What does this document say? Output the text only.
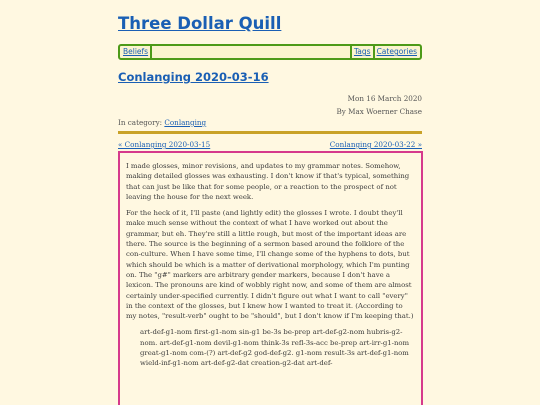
Three Dollar Quill
Beliefs	Tags Categories
Conlanging 2020-03-16
Mon 16 March 2020
By Max Woerner Chase
In category: Conlanging
« Conlanging 2020-03-15	Conlanging 2020-03-22 »

I made glosses, minor revisions, and updates to my grammar notes. Somehow, making detailed glosses was exhausting. I don't know if that's typical, something that can just be like that for some people, or a reaction to the prospect of not leaving the house for the next week.

For the heck of it, I'll paste (and lightly edit) the glosses I wrote. I doubt they'll make much sense without the context of what I have worked out about the grammar, but eh. They're still a little rough, but most of the important ideas are there. The source is the beginning of a sermon based around the folklore of the con-culture. When I have some time, I'll change some of the hyphens to dots, but which should be which is a matter of derivational morphology, which I'm punting on. The "g#" markers are arbitrary gender markers, because I don't have a lexicon. The pronouns are kind of wobbly right now, and some of them are almost certainly under-specified currently. I didn't figure out what I want to call "every" in the context of the glosses, but I knew how I wanted to treat it. (According to my notes, "result-verb" ought to be "should", but I don't know if I'm keeping that.)

art-def-g1-nom first-g1-nom sin-g1 be-3s be-prep art-def-g2-nom hubris-g2-nom. art-def-g1-nom devil-g1-nom think-3s refl-3s-acc be-prep art-irr-g1-nom great-g1-nom com-(?) art-def-g2 god-def-g2. g1-nom result-3s art-def-g1-nom wield-inf-g1-nom art-def-g2-dat creation-g2-dat art-def-
